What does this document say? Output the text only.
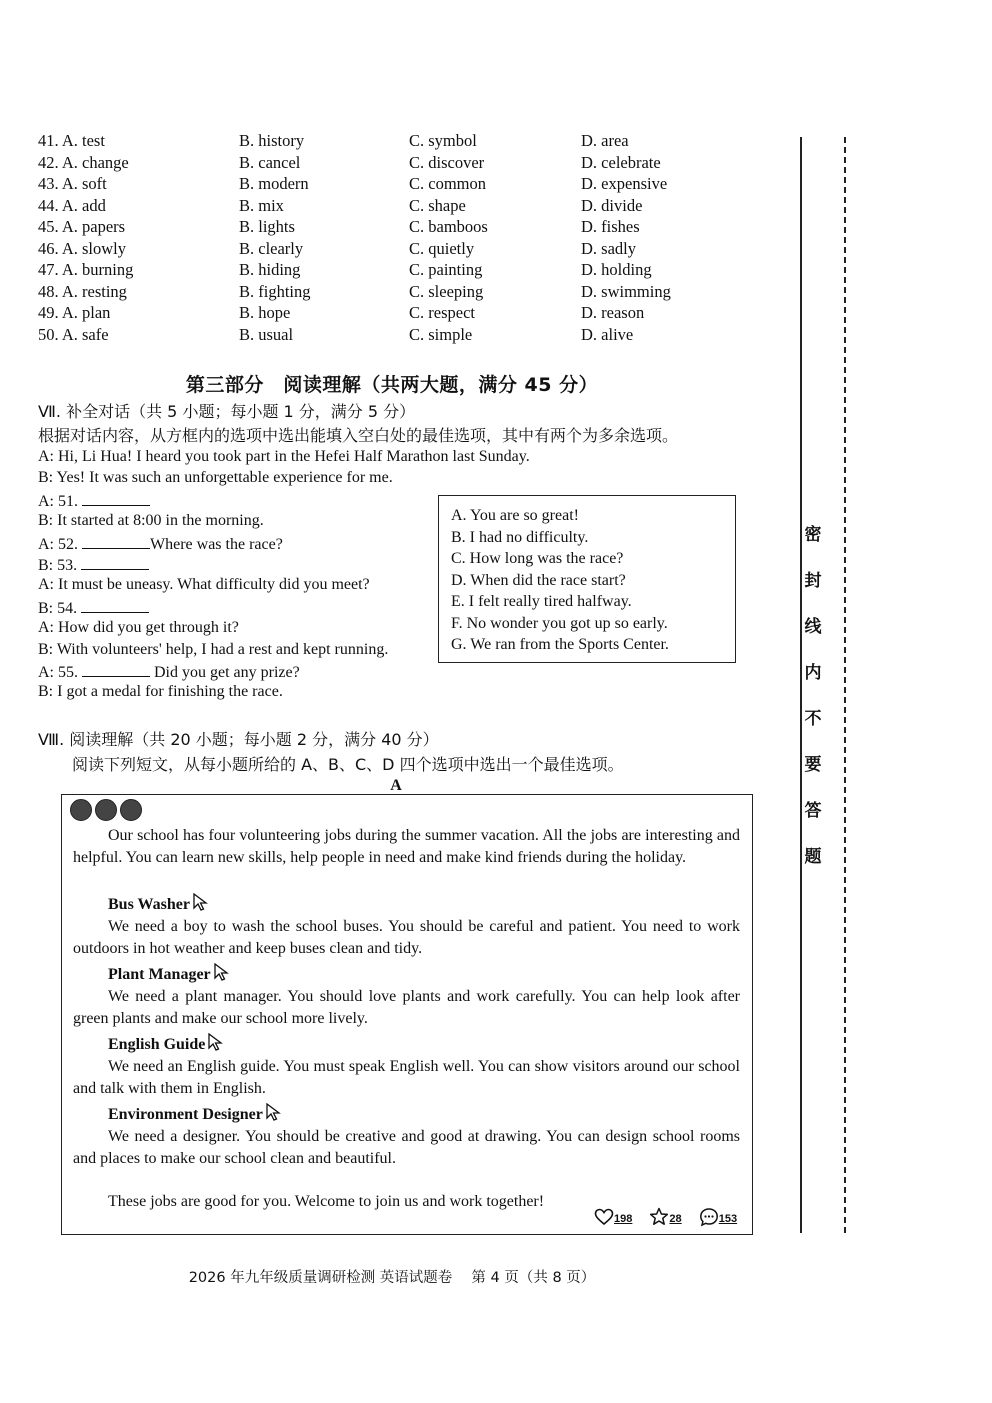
41. A. test	B. history	C. symbol	D. area
42. A. change	B. cancel	C. discover	D. celebrate
43. A. soft	B. modern	C. common	D. expensive
44. A. add	B. mix	C. shape	D. divide
45. A. papers	B. lights	C. bamboos	D. fishes
46. A. slowly	B. clearly	C. quietly	D. sadly
47. A. burning	B. hiding	C. painting	D. holding
48. A. resting	B. fighting	C. sleeping	D. swimming
49. A. plan	B. hope	C. respect	D. reason
50. A. safe	B. usual	C. simple	D. alive
第三部分　阅读理解（共两大题，满分 45 分）
Ⅶ. 补全对话（共 5 小题；每小题 1 分，满分 5 分）
根据对话内容，从方框内的选项中选出能填入空白处的最佳选项，其中有两个为多余选项。
A: Hi, Li Hua! I heard you took part in the Hefei Half Marathon last Sunday.
B: Yes! It was such an unforgettable experience for me.
A: 51.
B: It started at 8:00 in the morning.
A: 52.	Where was the race?
B: 53.
A: It must be uneasy. What difficulty did you meet?
B: 54.
A: How did you get through it?
B: With volunteers' help, I had a rest and kept running.
A: 55.	Did you get any prize?
B: I got a medal for finishing the race.
A. You are so great!
B. I had no difficulty.
C. How long was the race?
D. When did the race start?
E. I felt really tired halfway.
F. No wonder you got up so early.
G. We ran from the Sports Center.
Ⅷ. 阅读理解（共 20 小题；每小题 2 分，满分 40 分）
阅读下列短文，从每小题所给的 A、B、C、D 四个选项中选出一个最佳选项。
A
Our school has four volunteering jobs during the summer vacation. All the jobs are interesting and helpful. You can learn new skills, help people in need and make kind friends during the holiday.
Bus Washer
We need a boy to wash the school buses. You should be careful and patient. You need to work outdoors in hot weather and keep buses clean and tidy.
Plant Manager
We need a plant manager. You should love plants and work carefully. You can help look after green plants and make our school more lively.
English Guide
We need an English guide. You must speak English well. You can show visitors around our school and talk with them in English.
Environment Designer
We need a designer. You should be creative and good at drawing. You can design school rooms and places to make our school clean and beautiful.
These jobs are good for you. Welcome to join us and work together!
198	28	153
2026 年九年级质量调研检测 英语试题卷　 第 4 页（共 8 页）
密
封
线
内
不
要
答
题
